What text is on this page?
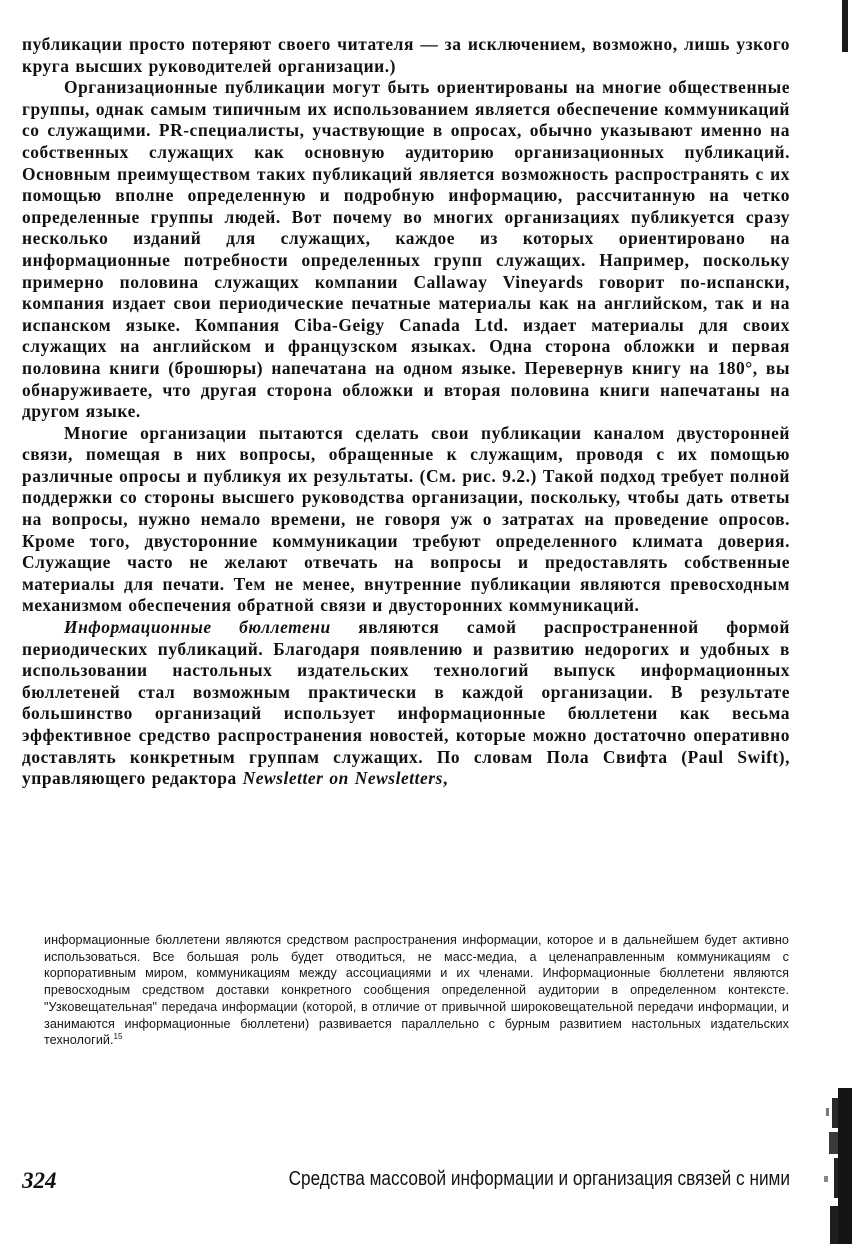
публикации просто потеряют своего читателя — за исключением, возможно, лишь узкого круга высших руководителей организации.)

Организационные публикации могут быть ориентированы на многие общественные группы, однак самым типичным их использованием является обеспечение коммуникаций со служащими. PR-специалисты, участвующие в опросах, обычно указывают именно на собственных служащих как основную аудиторию организационных публикаций. Основным преимуществом таких публикаций является возможность распространять с их помощью вполне определенную и подробную информацию, рассчитанную на четко определенные группы людей. Вот почему во многих организациях публикуется сразу несколько изданий для служащих, каждое из которых ориентировано на информационные потребности определенных групп служащих. Например, поскольку примерно половина служащих компании Callaway Vineyards говорит по-испански, компания издает свои периодические печатные материалы как на английском, так и на испанском языке. Компания Ciba-Geigy Canada Ltd. издает материалы для своих служащих на английском и французском языках. Одна сторона обложки и первая половина книги (брошюры) напечатана на одном языке. Перевернув книгу на 180°, вы обнаруживаете, что другая сторона обложки и вторая половина книги напечатаны на другом языке.

Многие организации пытаются сделать свои публикации каналом двусторонней связи, помещая в них вопросы, обращенные к служащим, проводя с их помощью различные опросы и публикуя их результаты. (См. рис. 9.2.) Такой подход требует полной поддержки со стороны высшего руководства организации, поскольку, чтобы дать ответы на вопросы, нужно немало времени, не говоря уж о затратах на проведение опросов. Кроме того, двусторонние коммуникации требуют определенного климата доверия. Служащие часто не желают отвечать на вопросы и предоставлять собственные материалы для печати. Тем не менее, внутренние публикации являются превосходным механизмом обеспечения обратной связи и двусторонних коммуникаций.

Информационные бюллетени являются самой распространенной формой периодических публикаций. Благодаря появлению и развитию недорогих и удобных в использовании настольных издательских технологий выпуск информационных бюллетеней стал возможным практически в каждой организации. В результате большинство организаций использует информационные бюллетени как весьма эффективное средство распространения новостей, которые можно достаточно оперативно доставлять конкретным группам служащих. По словам Пола Свифта (Paul Swift), управляющего редактора Newsletter on Newsletters,

информационные бюллетени являются средством распространения информации, которое и в дальнейшем будет активно использоваться. Все большая роль будет отводиться, не масс-медиа, а целенаправленным коммуникациям с корпоративным миром, коммуникациям между ассоциациями и их членами. Информационные бюллетени являются превосходным средством доставки конкретного сообщения определенной аудитории в определенном контексте. "Узковещательная" передача информации (которой, в отличие от привычной широковещательной передачи информации, и занимаются информационные бюллетени) развивается параллельно с бурным развитием настольных издательских технологий.$^{15}$

324	Средства массовой информации и организация связей с ними
